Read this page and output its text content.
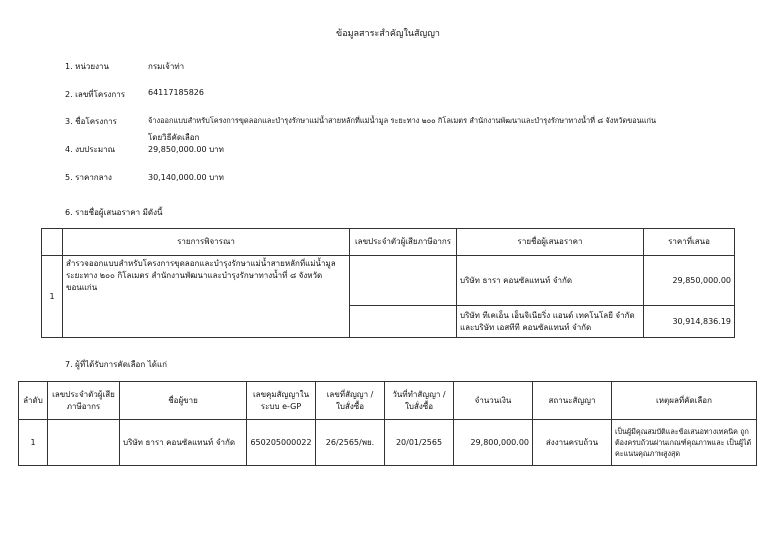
ข้อมูลสาระสำคัญในสัญญา
1. หน่วยงาน	กรมเจ้าท่า
2. เลขที่โครงการ	64117185826
3. ชื่อโครงการ	จ้างออกแบบสำหรับโครงการขุดลอกและบำรุงรักษาแม่น้ำสายหลักที่แม่น้ำมูล ระยะทาง ๒๐๐ กิโลเมตร สำนักงานพัฒนาและบำรุงรักษาทางน้ำที่ ๘ จังหวัดขอนแก่น
โดยวิธีคัดเลือก
4. งบประมาณ	29,850,000.00 บาท
5. ราคากลาง	30,140,000.00 บาท
6. รายชื่อผู้เสนอราคา มีดังนี้
	รายการพิจารณา	เลขประจำตัวผู้เสียภาษีอากร	รายชื่อผู้เสนอราคา	ราคาที่เสนอ
1	สำรวจออกแบบสำหรับโครงการขุดลอกและบำรุงรักษาแม่น้ำสายหลักที่แม่น้ำมูล ระยะทาง ๒๐๐ กิโลเมตร สำนักงานพัฒนาและบำรุงรักษาทางน้ำที่ ๘ จังหวัดขอนแก่น		บริษัท ธารา คอนซัลแทนท์ จำกัด	29,850,000.00
			บริษัท ทีเคเอ็น เอ็นจิเนียริ่ง แอนด์ เทคโนโลยี จำกัด และบริษัท เอสทีที คอนซัลแทนท์ จำกัด	30,914,836.19
7. ผู้ที่ได้รับการคัดเลือก ได้แก่
ลำดับ	เลขประจำตัวผู้เสียภาษีอากร	ชื่อผู้ขาย	เลขคุมสัญญาในระบบ e-GP	เลขที่สัญญา / ใบสั่งซื้อ	วันที่ทำสัญญา / ใบสั่งซื้อ	จำนวนเงิน	สถานะสัญญา	เหตุผลที่คัดเลือก
1		บริษัท ธารา คอนซัลแทนท์ จำกัด	650205000022	26/2565/พย.	20/01/2565	29,800,000.00	ส่งงานครบถ้วน	เป็นผู้มีคุณสมบัติและข้อเสนอทางเทคนิค ถูกต้องครบถ้วนผ่านเกณฑ์คุณภาพและ เป็นผู้ได้คะแนนคุณภาพสูงสุด
